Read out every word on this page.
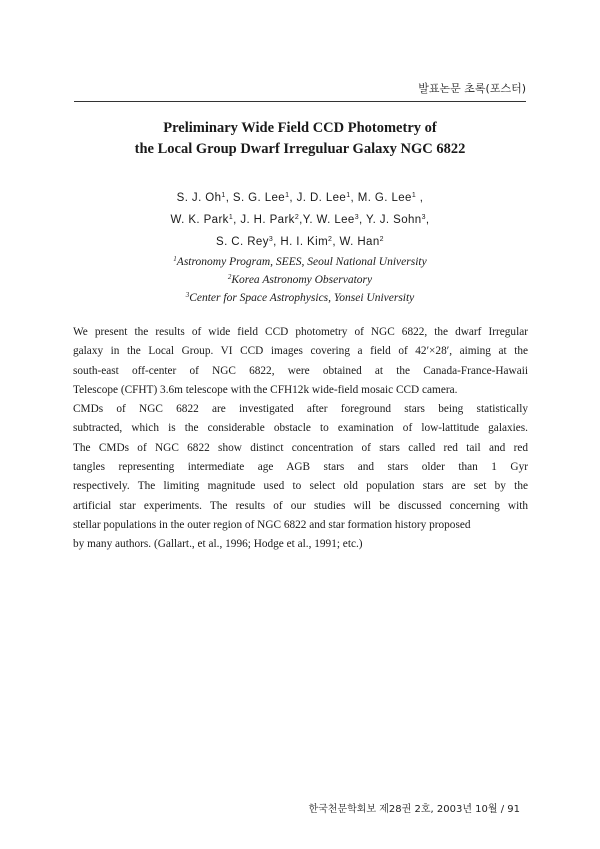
발표논문 초록(포스터)
Preliminary Wide Field CCD Photometry of
the Local Group Dwarf Irreguluar Galaxy NGC 6822
S. J. Oh$^1$, S. G. Lee$^1$, J. D. Lee$^1$, M. G. Lee$^1$ ,
W. K. Park$^1$, J. H. Park$^2$,Y. W. Lee$^3$, Y. J. Sohn$^3$,
S. C. Rey$^3$, H. I. Kim$^2$, W. Han$^2$
$^1$Astronomy Program, SEES, Seoul National University
$^2$Korea Astronomy Observatory
$^3$Center for Space Astrophysics, Yonsei University
We present the results of wide field CCD photometry of NGC 6822, the dwarf Irregular
galaxy in the Local Group. VI CCD images covering a field of 42′×28′, aiming at the
south-east off-center of NGC 6822, were obtained at the Canada-France-Hawaii
Telescope (CFHT) 3.6m telescope with the CFH12k wide-field mosaic CCD camera.
CMDs of NGC 6822 are investigated after foreground stars being statistically
subtracted, which is the considerable obstacle to examination of low-lattitude galaxies.
The CMDs of NGC 6822 show distinct concentration of stars called red tail and red
tangles representing intermediate age AGB stars and stars older than 1 Gyr
respectively. The limiting magnitude used to select old population stars are set by the
artificial star experiments. The results of our studies will be discussed concerning with
stellar populations in the outer region of NGC 6822 and star formation history proposed
by many authors. (Gallart., et al., 1996; Hodge et al., 1991; etc.)
한국천문학회보 제28권 2호, 2003년 10월 / 91
